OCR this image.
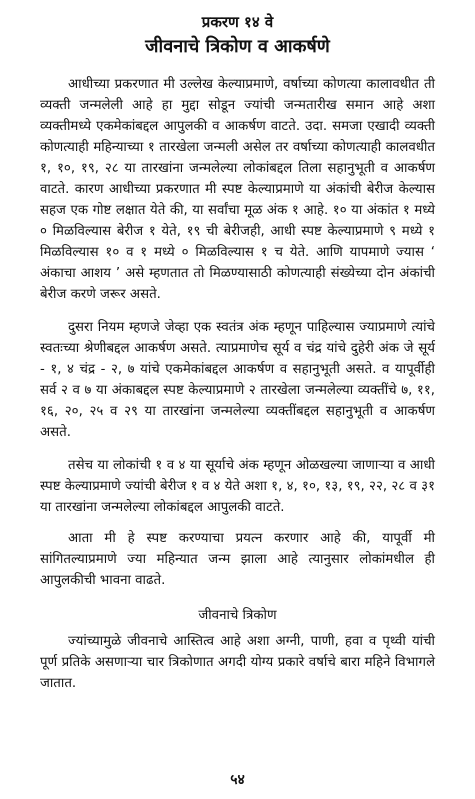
प्रकरण १४ वे
जीवनाचे त्रिकोण व आकर्षणे

आधीच्या प्रकरणात मी उल्लेख केल्याप्रमाणे, वर्षाच्या कोणत्या कालावधीत ती व्यक्ती जन्मलेली आहे हा मुद्दा सोडून ज्यांची जन्मतारीख समान आहे अशा व्यक्तीमध्ये एकमेकांबद्दल आपुलकी व आकर्षण वाटते. उदा. समजा एखादी व्यक्ती कोणत्याही महिन्याच्या १ तारखेला जन्मली असेल तर वर्षाच्या कोणत्याही कालवधीत १, १०, १९, २८ या तारखांना जन्मलेल्या लोकांबद्दल तिला सहानुभूती व आकर्षण वाटते. कारण आधीच्या प्रकरणात मी स्पष्ट केल्याप्रमाणे या अंकांची बेरीज केल्यास सहज एक गोष्ट लक्षात येते की, या सर्वांचा मूळ अंक १ आहे. १० या अंकांत १ मध्ये ० मिळविल्यास बेरीज १ येते, १९ ची बेरीजही, आधी स्पष्ट केल्याप्रमाणे ९ मध्ये १ मिळविल्यास १० व १ मध्ये ० मिळविल्यास १ च येते. आणि यापमाणे ज्यास ‘ अंकाचा आशय ’ असे म्हणतात तो मिळण्यासाठी कोणत्याही संख्येच्या दोन अंकांची बेरीज करणे जरूर असते.

दुसरा नियम म्हणजे जेव्हा एक स्वतंत्र अंक म्हणून पाहिल्यास ज्याप्रमाणे त्यांचे स्वतःच्या श्रेणीबद्दल आकर्षण असते. त्याप्रमाणेच सूर्य व चंद्र यांचे दुहेरी अंक जे सूर्य - १, ४ चंद्र - २, ७ यांचे एकमेकांबद्दल आकर्षण व सहानुभूती असते. व यापूर्वीही सर्व २ व ७ या अंकाबद्दल स्पष्ट केल्याप्रमाणे २ तारखेला जन्मलेल्या व्यक्तींचे ७, ११, १६, २०, २५ व २९ या तारखांना जन्मलेल्या व्यक्तींबद्दल सहानुभूती व आकर्षण असते.

तसेच या लोकांची १ व ४ या सूर्याचे अंक म्हणून ओळखल्या जाणाऱ्या व आधी स्पष्ट केल्याप्रमाणे ज्यांची बेरीज १ व ४ येते अशा १, ४, १०, १३, १९, २२, २८ व ३१ या तारखांना जन्मलेल्या लोकांबद्दल आपुलकी वाटते.

आता मी हे स्पष्ट करण्याचा प्रयत्न करणार आहे की, यापूर्वी मी सांगितल्याप्रमाणे ज्या महिन्यात जन्म झाला आहे त्यानुसार लोकांमधील ही आपुलकीची भावना वाढते.

जीवनाचे त्रिकोण

ज्यांच्यामुळे जीवनाचे आस्तित्व आहे अशा अग्नी, पाणी, हवा व पृथ्वी यांची पूर्ण प्रतिके असणाऱ्या चार त्रिकोणात अगदी योग्य प्रकारे वर्षाचे बारा महिने विभागले जातात.

५४
